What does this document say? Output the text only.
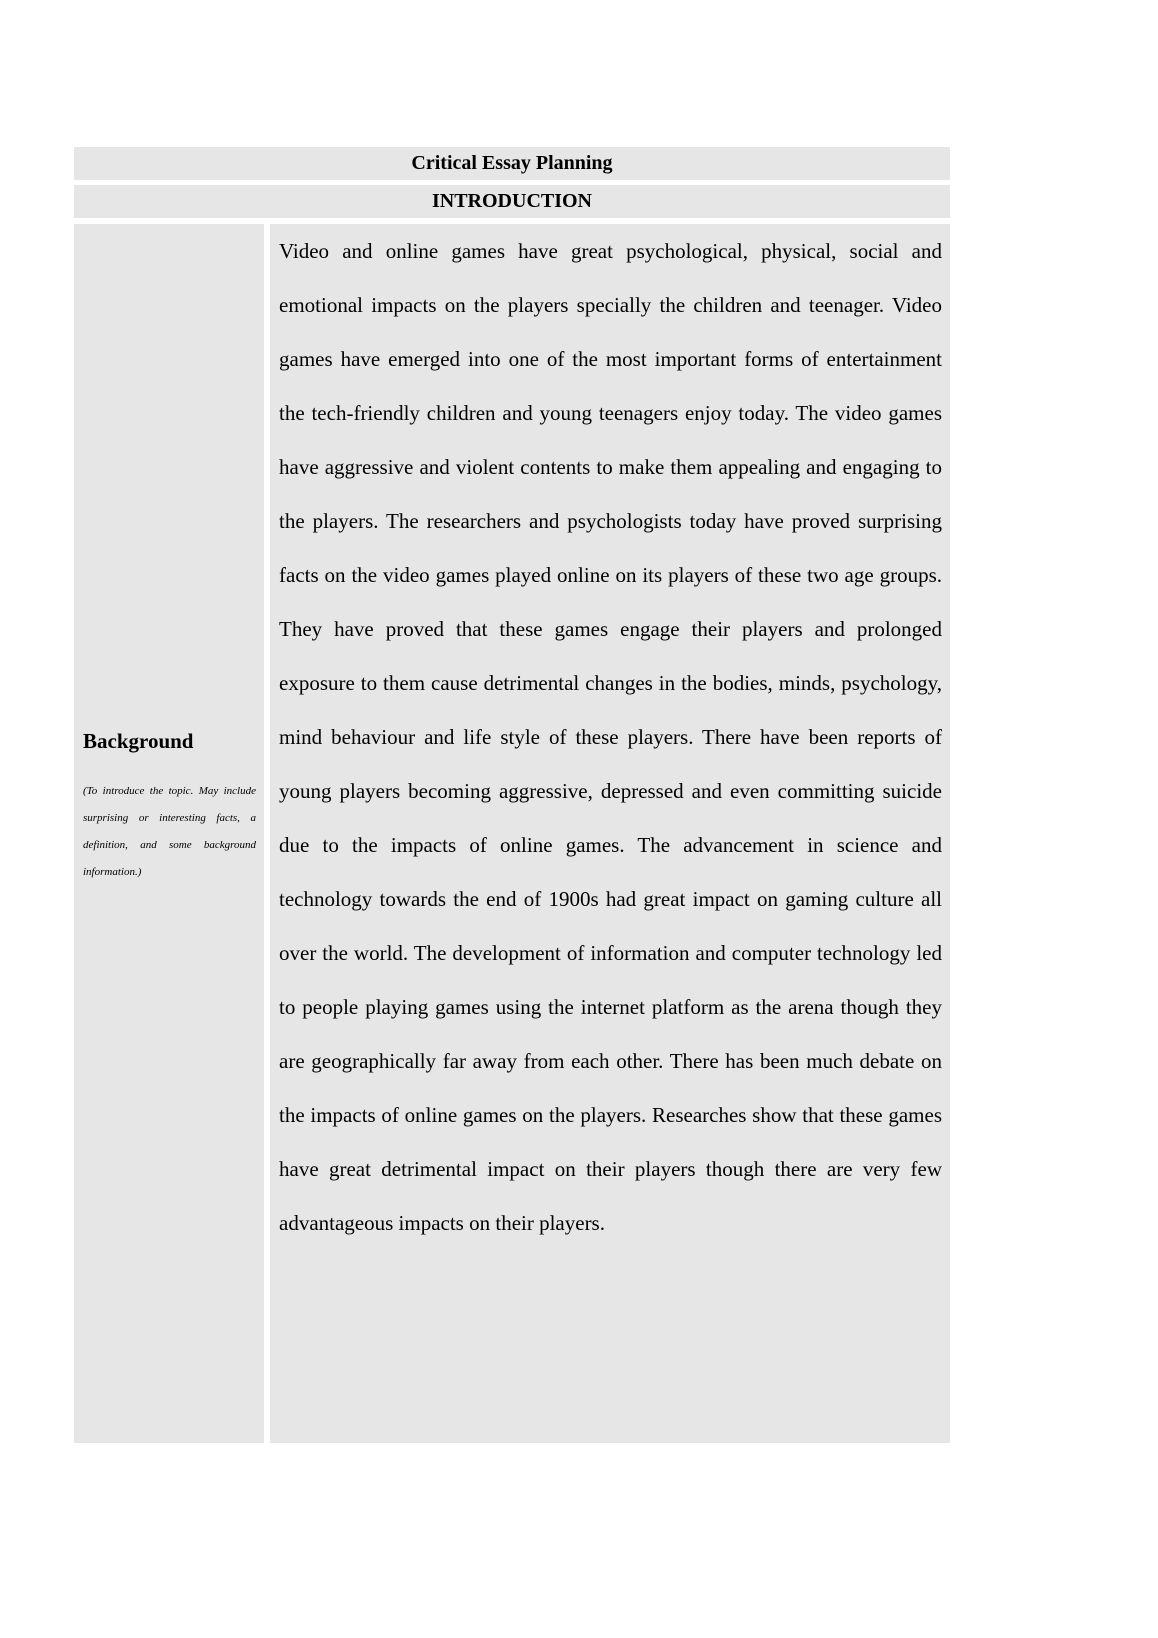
Critical Essay Planning
INTRODUCTION

Background

(To introduce the topic. May include surprising or interesting facts, a definition, and some background information.)

Video and online games have great psychological, physical, social and emotional impacts on the players specially the children and teenager. Video games have emerged into one of the most important forms of entertainment the tech-friendly children and young teenagers enjoy today. The video games have aggressive and violent contents to make them appealing and engaging to the players. The researchers and psychologists today have proved surprising facts on the video games played online on its players of these two age groups. They have proved that these games engage their players and prolonged exposure to them cause detrimental changes in the bodies, minds, psychology, mind behaviour and life style of these players. There have been reports of young players becoming aggressive, depressed and even committing suicide due to the impacts of online games. The advancement in science and technology towards the end of 1900s had great impact on gaming culture all over the world. The development of information and computer technology led to people playing games using the internet platform as the arena though they are geographically far away from each other. There has been much debate on the impacts of online games on the players. Researches show that these games have great detrimental impact on their players though there are very few advantageous impacts on their players.
